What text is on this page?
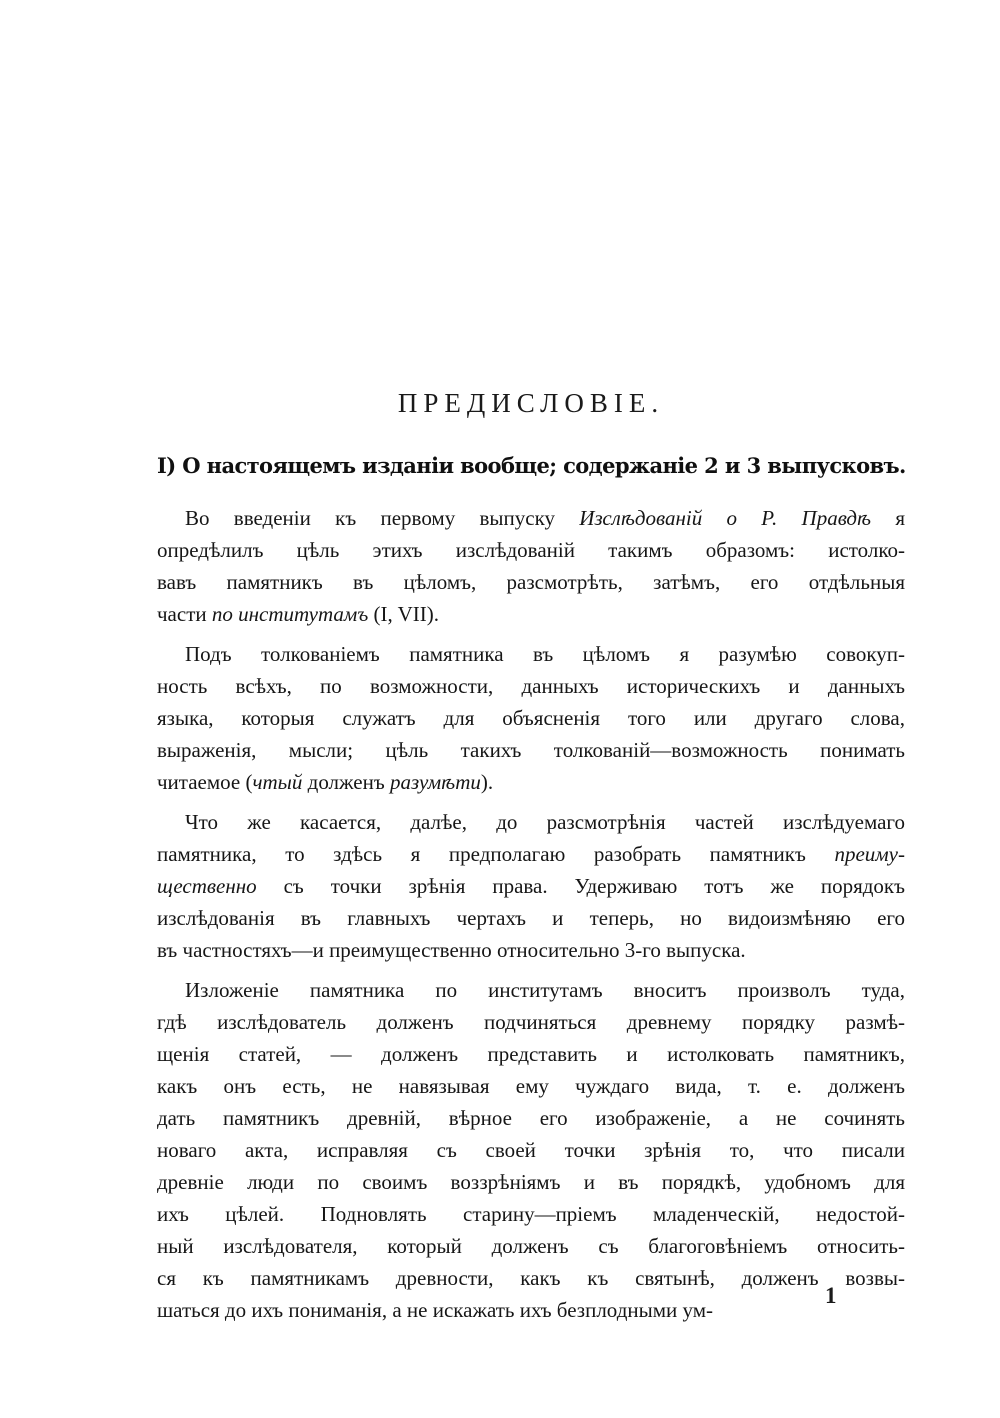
ПРЕДИСЛОВІЕ.
I) О настоящемъ изданіи вообще; содержаніе 2 и 3 выпусковъ.
Во введеніи къ первому выпуску Изслѣдованій о Р. Правдѣ я
опредѣлилъ цѣль этихъ изслѣдованій такимъ образомъ: истолко-
вавъ памятникъ въ цѣломъ, разсмотрѣть, затѣмъ, его отдѣльныя
части по институтамъ (I, VII).
Подъ толкованіемъ памятника въ цѣломъ я разумѣю совокуп-
ность всѣхъ, по возможности, данныхъ историческихъ и данныхъ
языка, которыя служатъ для объясненія того или другаго слова,
выраженія, мысли; цѣль такихъ толкованій—возможность понимать
читаемое (чтый долженъ разумѣти).
Что же касается, далѣе, до разсмотрѣнія частей изслѣдуемаго
памятника, то здѣсь я предполагаю разобрать памятникъ преиму-
щественно съ точки зрѣнія права. Удерживаю тотъ же порядокъ
изслѣдованія въ главныхъ чертахъ и теперь, но видоизмѣняю его
въ частностяхъ—и преимущественно относительно 3-го выпуска.
Изложеніе памятника по институтамъ вноситъ произволъ туда,
гдѣ изслѣдователь долженъ подчиняться древнему порядку размѣ-
щенія статей, — долженъ представить и истолковать памятникъ,
какъ онъ есть, не навязывая ему чуждаго вида, т. е. долженъ
дать памятникъ древній, вѣрное его изображеніе, а не сочинять
новаго акта, исправляя съ своей точки зрѣнія то, что писали
древніе люди по своимъ воззрѣніямъ и въ порядкѣ, удобномъ для
ихъ цѣлей. Подновлять старину—пріемъ младенческій, недостой-
ный изслѣдователя, который долженъ съ благоговѣніемъ относить-
ся къ памятникамъ древности, какъ къ святынѣ, долженъ возвы-
шаться до ихъ пониманія, а не искажать ихъ безплодными ум-
1
